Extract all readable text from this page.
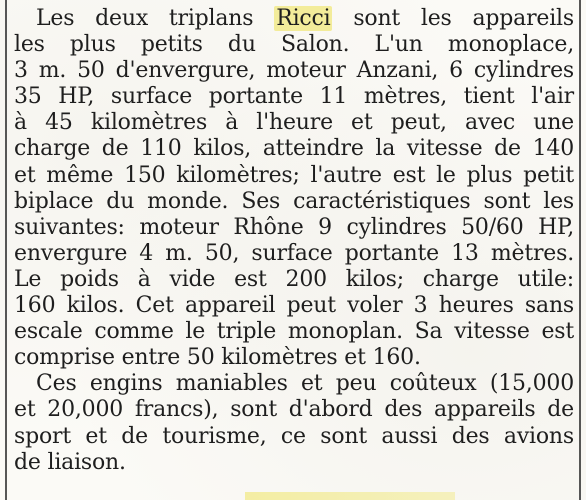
Les deux triplans Ricci sont les appareils
les plus petits du Salon. L'un monoplace,
3 m. 50 d'envergure, moteur Anzani, 6 cylindres
35 HP, surface portante 11 mètres, tient l'air
à 45 kilomètres à l'heure et peut, avec une
charge de 110 kilos, atteindre la vitesse de 140
et même 150 kilomètres; l'autre est le plus petit
biplace du monde. Ses caractéristiques sont les
suivantes: moteur Rhône 9 cylindres 50/60 HP,
envergure 4 m. 50, surface portante 13 mètres.
Le poids à vide est 200 kilos; charge utile:
160 kilos. Cet appareil peut voler 3 heures sans
escale comme le triple monoplan. Sa vitesse est
comprise entre 50 kilomètres et 160.
Ces engins maniables et peu coûteux (15,000
et 20,000 francs), sont d'abord des appareils de
sport et de tourisme, ce sont aussi des avions
de liaison.
